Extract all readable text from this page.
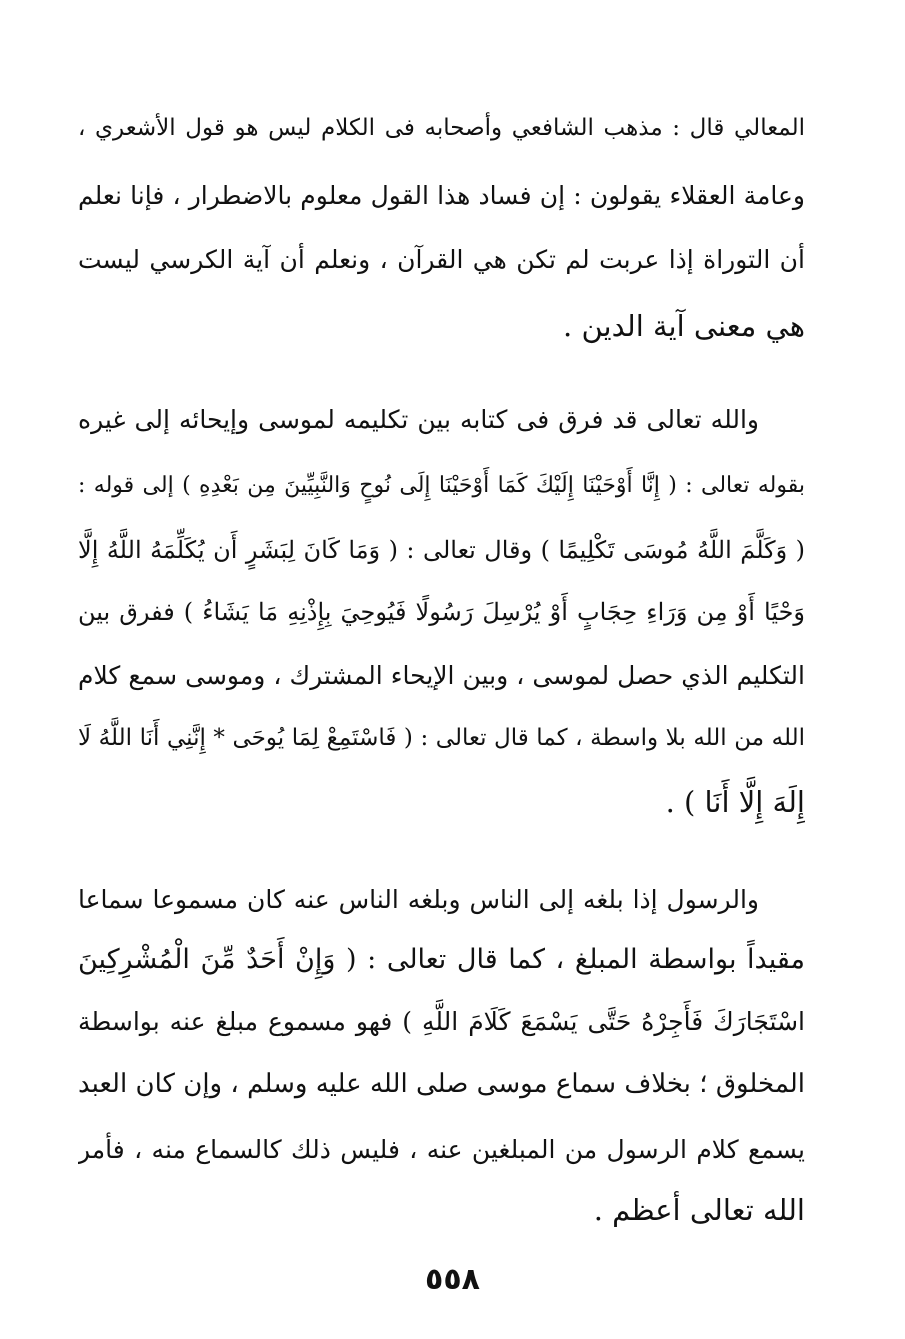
المعالي قال : مذهب الشافعي وأصحابه فى الكلام ليس هو قول الأشعري ،
وعامة العقلاء يقولون : إن فساد هذا القول معلوم بالاضطرار ، فإنا نعلم
أن التوراة إذا عربت لم تكن هي القرآن ، ونعلم أن آية الكرسي ليست
هي معنى آية الدين .
والله تعالى قد فرق فى كتابه بين تكليمه لموسى وإيحائه إلى غيره
بقوله تعالى : ( إِنَّا أَوْحَيْنَا إِلَيْكَ كَمَا أَوْحَيْنَا إِلَى نُوحٍ وَالنَّبِيِّينَ مِن بَعْدِهِ ) إلى قوله :
( وَكَلَّمَ اللَّهُ مُوسَى تَكْلِيمًا ) وقال تعالى : ( وَمَا كَانَ لِبَشَرٍ أَن يُكَلِّمَهُ اللَّهُ إِلَّا
وَحْيًا أَوْ مِن وَرَاءِ حِجَابٍ أَوْ يُرْسِلَ رَسُولًا فَيُوحِيَ بِإِذْنِهِ مَا يَشَاءُ ) ففرق بين
التكليم الذي حصل لموسى ، وبين الإيحاء المشترك ، وموسى سمع كلام
الله من الله بلا واسطة ، كما قال تعالى : ( فَاسْتَمِعْ لِمَا يُوحَى * إِنَّنِي أَنَا اللَّهُ لَا
إِلَهَ إِلَّا أَنَا ) .
والرسول إذا بلغه إلى الناس وبلغه الناس عنه كان مسموعا سماعا
مقيداً بواسطة المبلغ ، كما قال تعالى : ( وَإِنْ أَحَدٌ مِّنَ الْمُشْرِكِينَ
اسْتَجَارَكَ فَأَجِرْهُ حَتَّى يَسْمَعَ كَلَامَ اللَّهِ ) فهو مسموع مبلغ عنه بواسطة
المخلوق ؛ بخلاف سماع موسى صلى الله عليه وسلم ، وإن كان العبد
يسمع كلام الرسول من المبلغين عنه ، فليس ذلك كالسماع منه ، فأمر
الله تعالى أعظم .
٥٥٨
